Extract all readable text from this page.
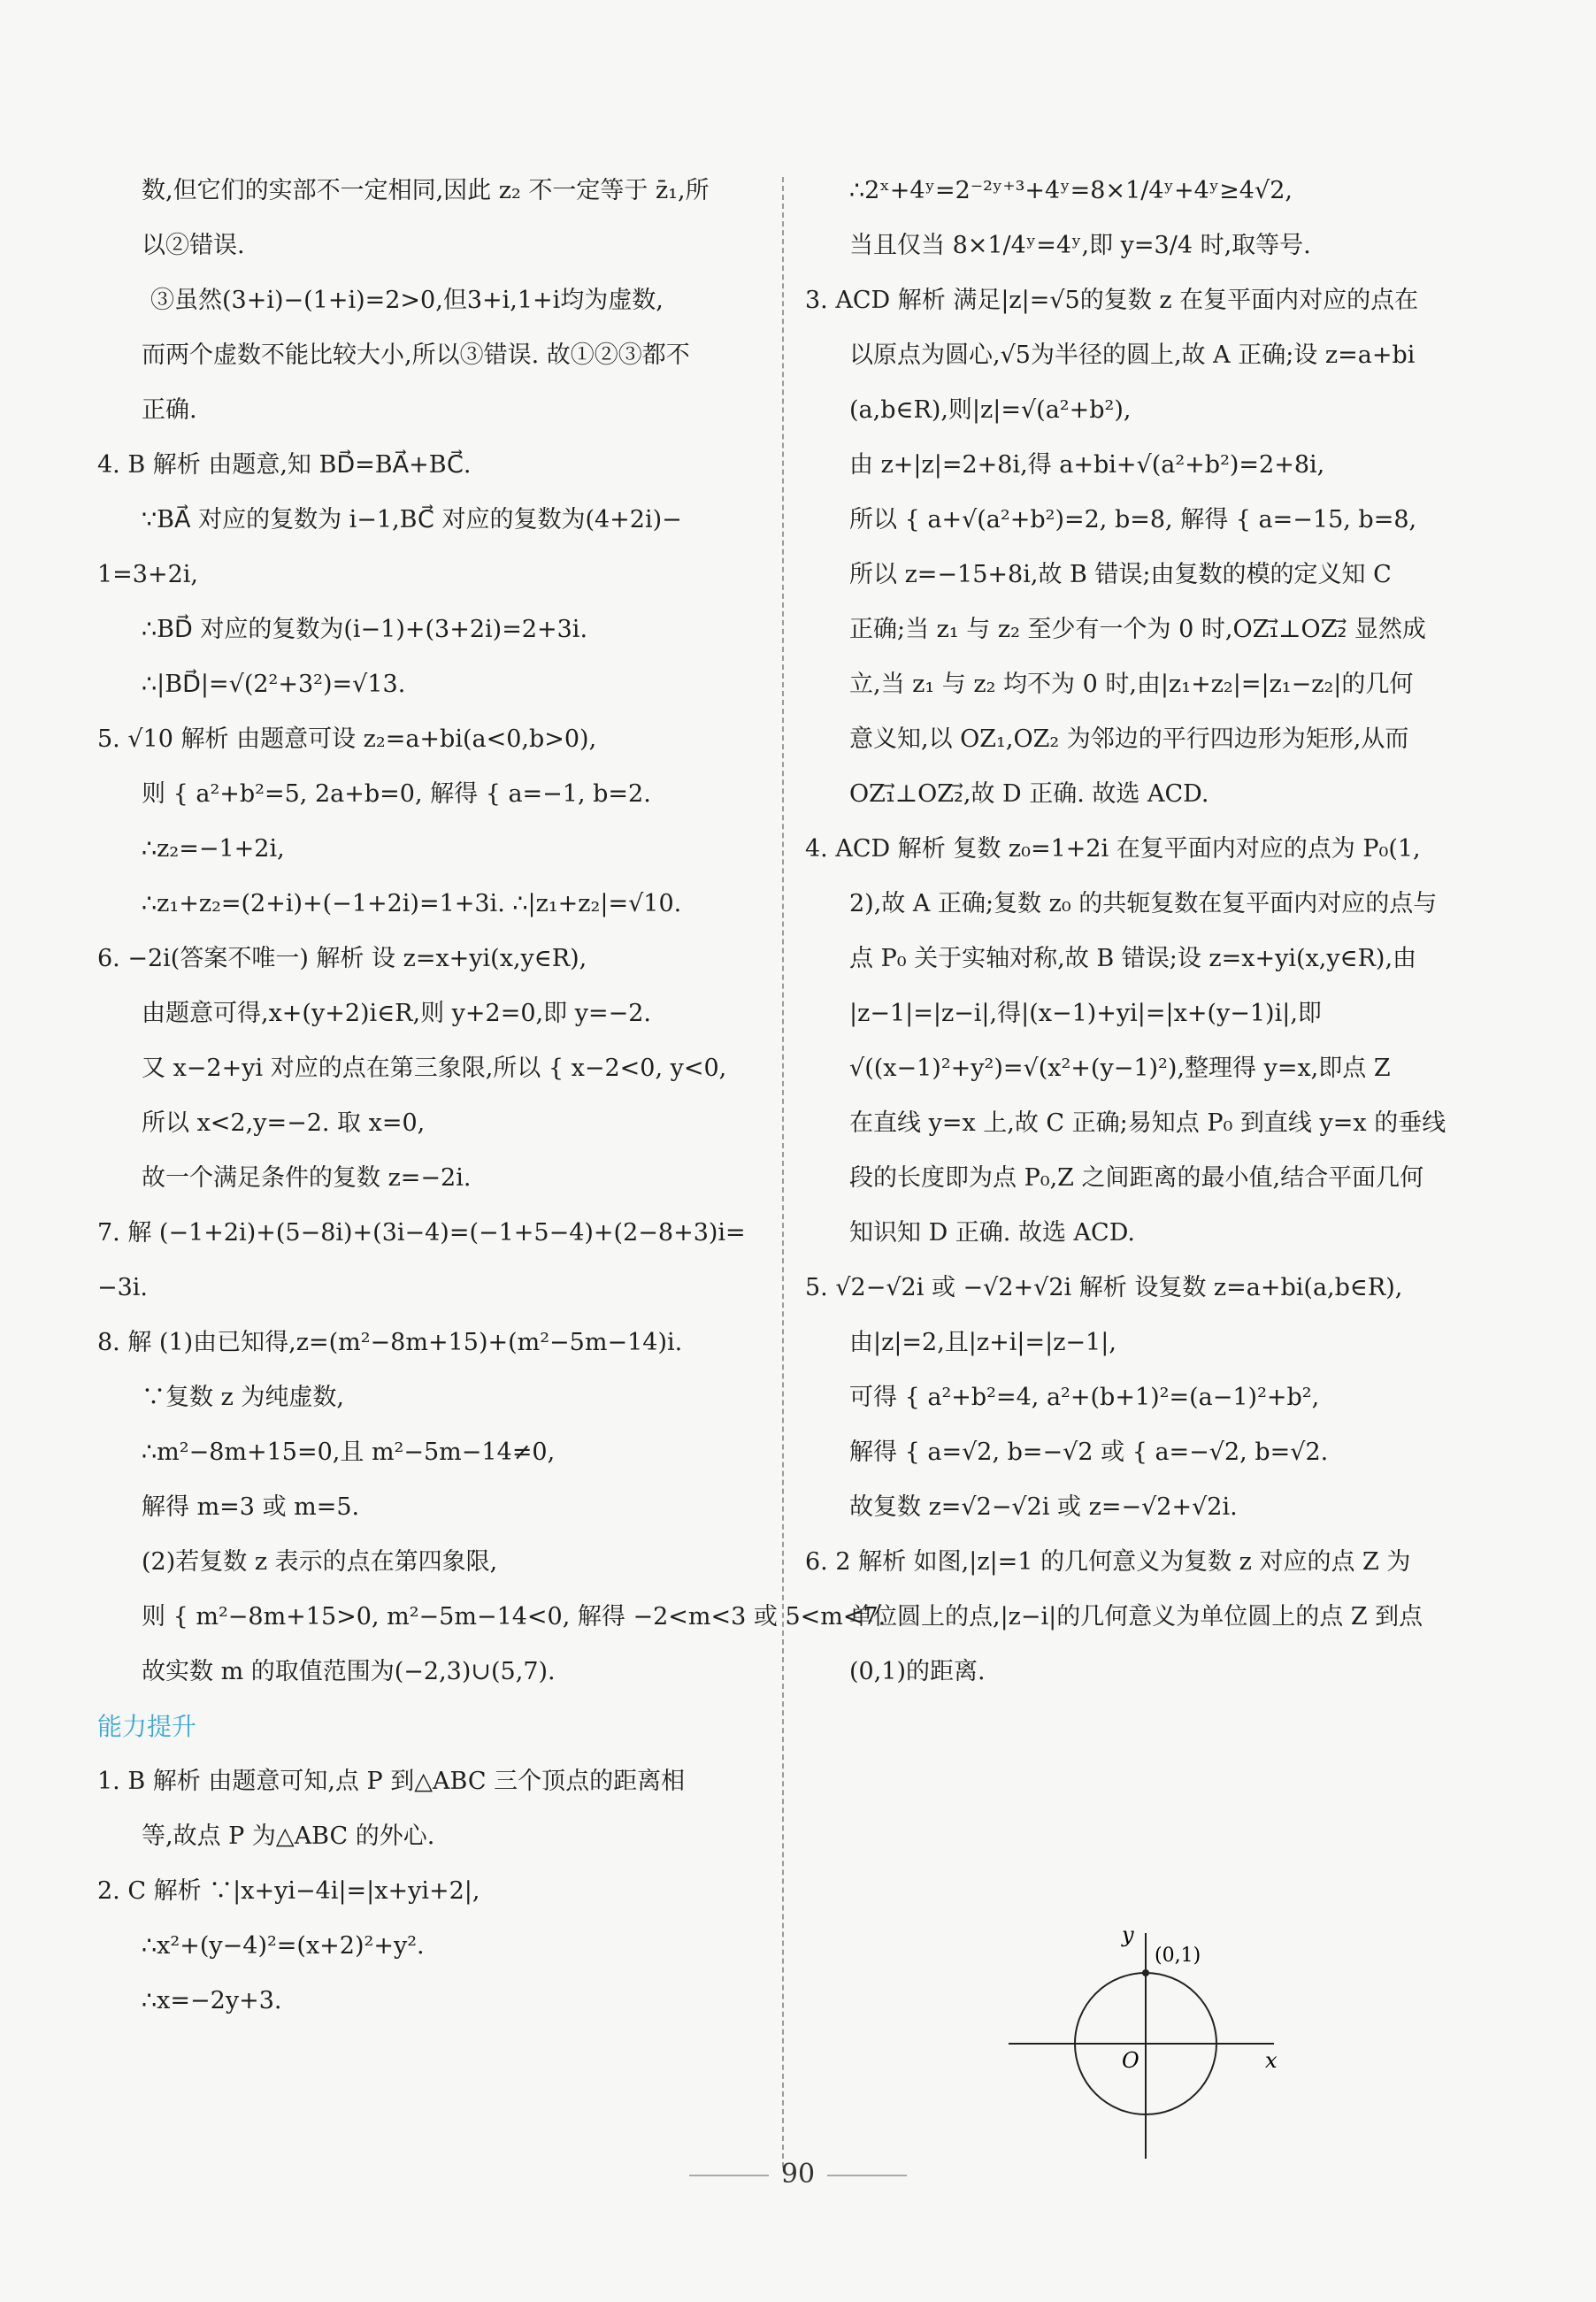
数,但它们的实部不一定相同,因此 z₂ 不一定等于 z̄₁,所
以②错误.
③虽然(3+i)−(1+i)=2>0,但3+i,1+i均为虚数,
而两个虚数不能比较大小,所以③错误. 故①②③都不
正确.
4. B 解析 由题意,知 BD⃗=BA⃗+BC⃗.
∵BA⃗ 对应的复数为 i−1,BC⃗ 对应的复数为(4+2i)−
1=3+2i,
∴BD⃗ 对应的复数为(i−1)+(3+2i)=2+3i.
∴|BD⃗|=√(2²+3²)=√13.
5. √10 解析 由题意可设 z₂=a+bi(a<0,b>0),
则 { a²+b²=5, 2a+b=0, 解得 { a=−1, b=2.
∴z₂=−1+2i,
∴z₁+z₂=(2+i)+(−1+2i)=1+3i. ∴|z₁+z₂|=√10.
6. −2i(答案不唯一) 解析 设 z=x+yi(x,y∈R),
由题意可得,x+(y+2)i∈R,则 y+2=0,即 y=−2.
又 x−2+yi 对应的点在第三象限,所以 { x−2<0, y<0,
所以 x<2,y=−2. 取 x=0,
故一个满足条件的复数 z=−2i.
7. 解 (−1+2i)+(5−8i)+(3i−4)=(−1+5−4)+(2−8+3)i=
−3i.
8. 解 (1)由已知得,z=(m²−8m+15)+(m²−5m−14)i.
∵复数 z 为纯虚数,
∴m²−8m+15=0,且 m²−5m−14≠0,
解得 m=3 或 m=5.
(2)若复数 z 表示的点在第四象限,
则 { m²−8m+15>0, m²−5m−14<0, 解得 −2<m<3 或 5<m<7.
故实数 m 的取值范围为(−2,3)∪(5,7).
能力提升
1. B 解析 由题意可知,点 P 到△ABC 三个顶点的距离相
等,故点 P 为△ABC 的外心.
2. C 解析 ∵|x+yi−4i|=|x+yi+2|,
∴x²+(y−4)²=(x+2)²+y².
∴x=−2y+3.
∴2ˣ+4ʸ=2⁻²ʸ⁺³+4ʸ=8×1/4ʸ+4ʸ≥4√2,
当且仅当 8×1/4ʸ=4ʸ,即 y=3/4 时,取等号.
3. ACD 解析 满足|z|=√5的复数 z 在复平面内对应的点在
以原点为圆心,√5为半径的圆上,故 A 正确;设 z=a+bi
(a,b∈R),则|z|=√(a²+b²),
由 z+|z|=2+8i,得 a+bi+√(a²+b²)=2+8i,
所以 { a+√(a²+b²)=2, b=8, 解得 { a=−15, b=8,
所以 z=−15+8i,故 B 错误;由复数的模的定义知 C
正确;当 z₁ 与 z₂ 至少有一个为 0 时,OZ₁⃗⊥OZ₂⃗ 显然成
立,当 z₁ 与 z₂ 均不为 0 时,由|z₁+z₂|=|z₁−z₂|的几何
意义知,以 OZ₁,OZ₂ 为邻边的平行四边形为矩形,从而
OZ₁⃗⊥OZ₂⃗,故 D 正确. 故选 ACD.
4. ACD 解析 复数 z₀=1+2i 在复平面内对应的点为 P₀(1,
2),故 A 正确;复数 z₀ 的共轭复数在复平面内对应的点与
点 P₀ 关于实轴对称,故 B 错误;设 z=x+yi(x,y∈R),由
|z−1|=|z−i|,得|(x−1)+yi|=|x+(y−1)i|,即
√((x−1)²+y²)=√(x²+(y−1)²),整理得 y=x,即点 Z
在直线 y=x 上,故 C 正确;易知点 P₀ 到直线 y=x 的垂线
段的长度即为点 P₀,Z 之间距离的最小值,结合平面几何
知识知 D 正确. 故选 ACD.
5. √2−√2i 或 −√2+√2i 解析 设复数 z=a+bi(a,b∈R),
由|z|=2,且|z+i|=|z−1|,
可得 { a²+b²=4, a²+(b+1)²=(a−1)²+b²,
解得 { a=√2, b=−√2 或 { a=−√2, b=√2.
故复数 z=√2−√2i 或 z=−√2+√2i.
6. 2 解析 如图,|z|=1 的几何意义为复数 z 对应的点 Z 为
单位圆上的点,|z−i|的几何意义为单位圆上的点 Z 到点
(0,1)的距离.
(0,1)
y
x
O
90
